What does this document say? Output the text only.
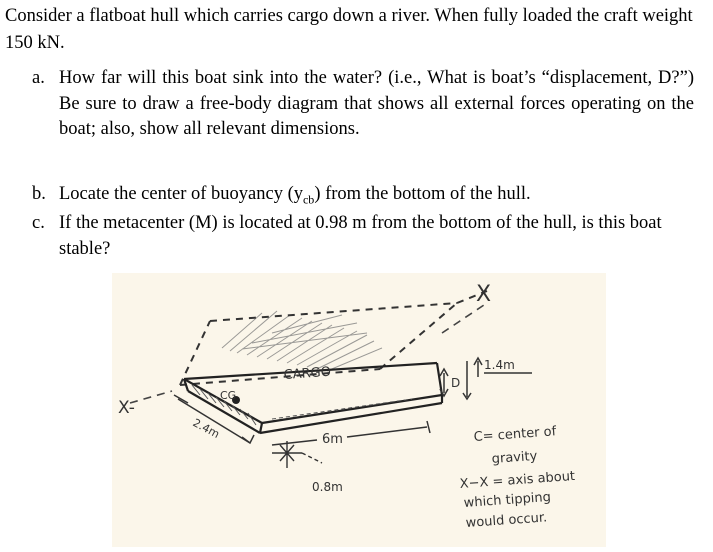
Consider a flatboat hull which carries cargo down a river. When fully loaded the craft weight 150 kN.

a. How far will this boat sink into the water? (i.e., What is boat’s “displacement, D?”) Be sure to draw a free-body diagram that shows all external forces operating on the boat; also, show all relevant dimensions.
b. Locate the center of buoyancy $(y_{cb})$ from the bottom of the hull.
c. If the metacenter (M) is located at 0.98 m from the bottom of the hull, is this boat stable?
X-
X
CARGO
CG
D
1.4m
2.4m	6m
0.8m
C= center of
gravity
X−X = axis about
which tipping
would occur.
